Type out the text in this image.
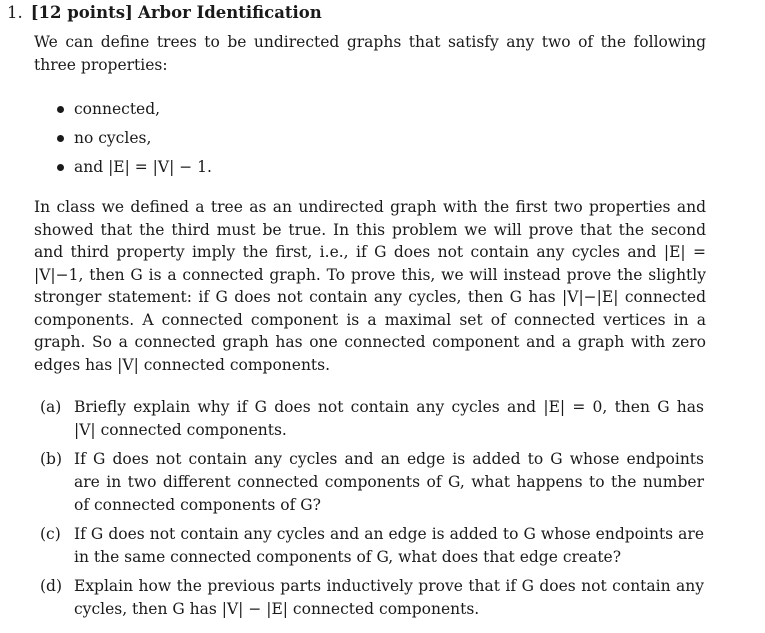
1. [12 points] Arbor Identification
We can define trees to be undirected graphs that satisfy any two of the following
three properties:
connected,
no cycles,
and |E| = |V| − 1.
In class we defined a tree as an undirected graph with the first two properties and
showed that the third must be true. In this problem we will prove that the second
and third property imply the first, i.e., if G does not contain any cycles and |E| =
|V|−1, then G is a connected graph. To prove this, we will instead prove the slightly
stronger statement: if G does not contain any cycles, then G has |V|−|E| connected
components. A connected component is a maximal set of connected vertices in a
graph. So a connected graph has one connected component and a graph with zero
edges has |V| connected components.
(a) Briefly explain why if G does not contain any cycles and |E| = 0, then G has
|V| connected components.
(b) If G does not contain any cycles and an edge is added to G whose endpoints
are in two different connected components of G, what happens to the number
of connected components of G?
(c) If G does not contain any cycles and an edge is added to G whose endpoints are
in the same connected components of G, what does that edge create?
(d) Explain how the previous parts inductively prove that if G does not contain any
cycles, then G has |V| − |E| connected components.
